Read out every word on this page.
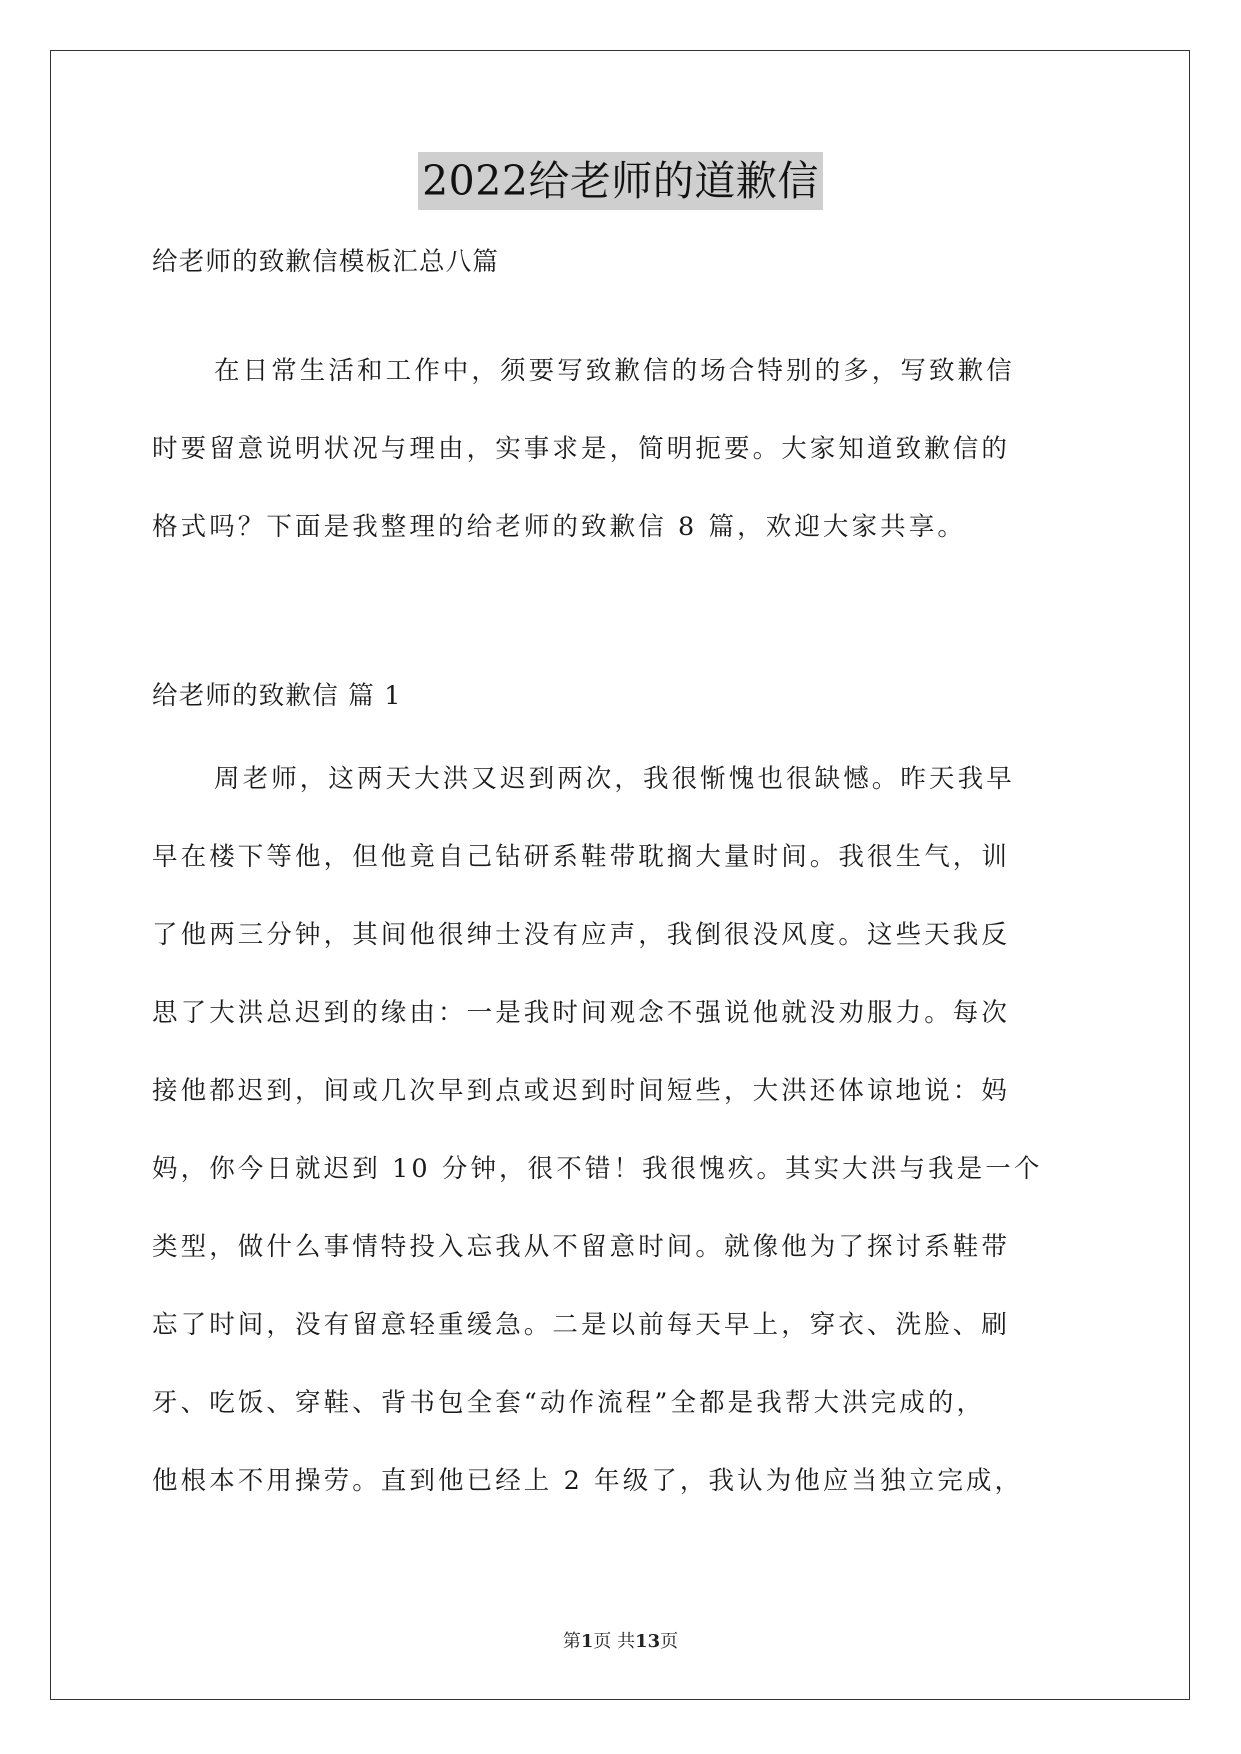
2022给老师的道歉信
给老师的致歉信模板汇总八篇
在日常生活和工作中，须要写致歉信的场合特别的多，写致歉信
时要留意说明状况与理由，实事求是，简明扼要。大家知道致歉信的
格式吗？下面是我整理的给老师的致歉信 8 篇，欢迎大家共享。
给老师的致歉信 篇 1
周老师，这两天大洪又迟到两次，我很惭愧也很缺憾。昨天我早
早在楼下等他，但他竟自己钻研系鞋带耽搁大量时间。我很生气，训
了他两三分钟，其间他很绅士没有应声，我倒很没风度。这些天我反
思了大洪总迟到的缘由：一是我时间观念不强说他就没劝服力。每次
接他都迟到，间或几次早到点或迟到时间短些，大洪还体谅地说：妈
妈，你今日就迟到 10 分钟，很不错！我很愧疚。其实大洪与我是一个
类型，做什么事情特投入忘我从不留意时间。就像他为了探讨系鞋带
忘了时间，没有留意轻重缓急。二是以前每天早上，穿衣、洗脸、刷
牙、吃饭、穿鞋、背书包全套“动作流程”全都是我帮大洪完成的，
他根本不用操劳。直到他已经上 2 年级了，我认为他应当独立完成，
第1页 共13页
